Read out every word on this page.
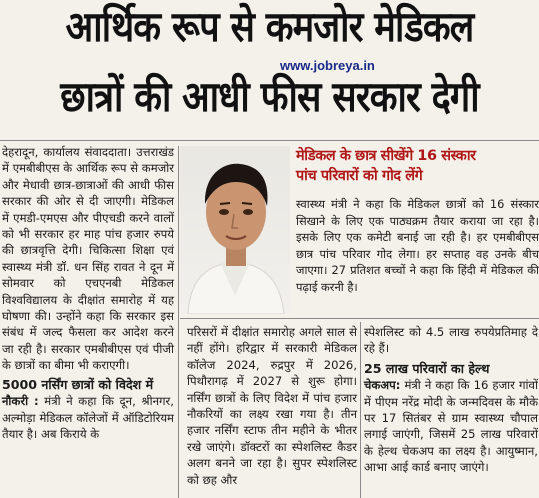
आर्थिक रूप से कमजोर मेडिकल
www.jobreya.in
छात्रों की आधी फीस सरकार देगी

देहरादून, कार्यालय संवाददाता। उत्तराखंड में एमबीबीएस के आर्थिक रूप से कमजोर और मेधावी छात्र-छात्राओं की आधी फीस सरकार की ओर से दी जाएगी। मेडिकल में एमडी-एमएस और पीएचडी करने वालों को भी सरकार हर माह पांच हजार रुपये की छात्रवृत्ति देगी। चिकित्सा शिक्षा एवं स्वास्थ्य मंत्री डॉ. धन सिंह रावत ने दून में सोमवार को एचएनबी मेडिकल विश्वविद्यालय के दीक्षांत समारोह में यह घोषणा की। उन्होंने कहा कि सरकार इस संबंध में जल्द फैसला कर आदेश करने जा रही है। सरकार एमबीबीएस एवं पीजी के छात्रों का बीमा भी कराएगी।

5000 नर्सिंग छात्रों को विदेश में

नौकरी : मंत्री ने कहा कि दून, श्रीनगर, अल्मोड़ा मेडिकल कॉलेजों में ऑडिटोरियम तैयार है। अब किराये के

मेडिकल के छात्र सीखेंगे 16 संस्कार
पांच परिवारों को गोद लेंगे
स्वास्थ्य मंत्री ने कहा कि मेडिकल छात्रों को 16 संस्कार सिखाने के लिए एक पाठ्यक्रम तैयार कराया जा रहा है। इसके लिए एक कमेटी बनाई जा रही है। हर एमबीबीएस छात्र पांच परिवार गोद लेगा। हर सप्ताह वह उनके बीच जाएगा। 27 प्रतिशत बच्चों ने कहा कि हिंदी में मेडिकल की पढ़ाई करनी है।

परिसरों में दीक्षांत समारोह अगले साल से नहीं होंगे। हरिद्वार में सरकारी मेडिकल कॉलेज 2024, रुद्रपुर में 2026, पिथौरागढ़ में 2027 से शुरू होगा। नर्सिंग छात्रों के लिए विदेश में पांच हजार नौकरियों का लक्ष्य रखा गया है। तीन हजार नर्सिंग स्टाफ तीन महीने के भीतर रखे जाएंगे। डॉक्टरों का स्पेशलिस्ट कैडर अलग बनने जा रहा है। सुपर स्पेशलिस्ट को छह और

स्पेशलिस्ट को 4.5 लाख रुपयेप्रतिमाह दे रहे हैं।

25 लाख परिवारों का हेल्थ

चेकअप: मंत्री ने कहा कि 16 हजार गांवों में पीएम नरेंद्र मोदी के जन्मदिवस के मौके पर 17 सितंबर से ग्राम स्वास्थ्य चौपाल लगाई जाएंगी, जिसमें 25 लाख परिवारों के हेल्थ चेकअप का लक्ष्य है। आयुष्मान, आभा आई कार्ड बनाए जाएंगे।
